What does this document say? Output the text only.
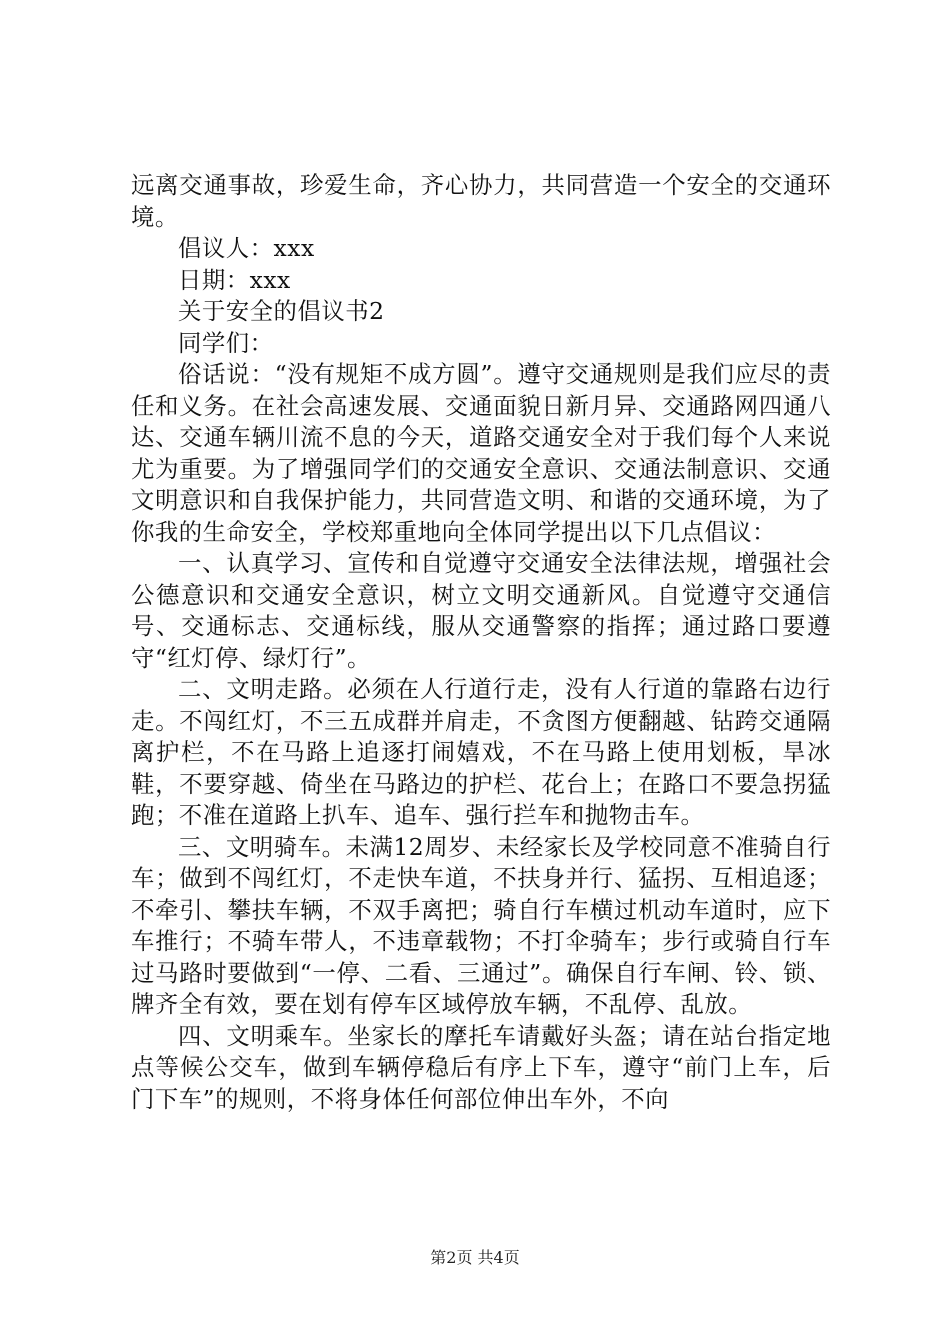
远离交通事故，珍爱生命，齐心协力，共同营造一个安全的交通环境。

倡议人：xxx

日期：xxx

关于安全的倡议书2

同学们：

俗话说：“没有规矩不成方圆”。遵守交通规则是我们应尽的责任和义务。在社会高速发展、交通面貌日新月异、交通路网四通八达、交通车辆川流不息的今天，道路交通安全对于我们每个人来说尤为重要。为了增强同学们的交通安全意识、交通法制意识、交通文明意识和自我保护能力，共同营造文明、和谐的交通环境，为了你我的生命安全，学校郑重地向全体同学提出以下几点倡议：

一、认真学习、宣传和自觉遵守交通安全法律法规，增强社会公德意识和交通安全意识，树立文明交通新风。自觉遵守交通信号、交通标志、交通标线，服从交通警察的指挥；通过路口要遵守“红灯停、绿灯行”。

二、文明走路。必须在人行道行走，没有人行道的靠路右边行走。不闯红灯，不三五成群并肩走，不贪图方便翻越、钻跨交通隔离护栏，不在马路上追逐打闹嬉戏，不在马路上使用划板，旱冰鞋，不要穿越、倚坐在马路边的护栏、花台上；在路口不要急拐猛跑；不准在道路上扒车、追车、强行拦车和抛物击车。

三、文明骑车。未满12周岁、未经家长及学校同意不准骑自行车；做到不闯红灯，不走快车道，不扶身并行、猛拐、互相追逐；不牵引、攀扶车辆，不双手离把；骑自行车横过机动车道时，应下车推行；不骑车带人，不违章载物；不打伞骑车；步行或骑自行车过马路时要做到“一停、二看、三通过”。确保自行车闸、铃、锁、牌齐全有效，要在划有停车区域停放车辆，不乱停、乱放。

四、文明乘车。坐家长的摩托车请戴好头盔；请在站台指定地点等候公交车，做到车辆停稳后有序上下车，遵守“前门上车，后门下车”的规则，不将身体任何部位伸出车外，不向

第2页 共4页
